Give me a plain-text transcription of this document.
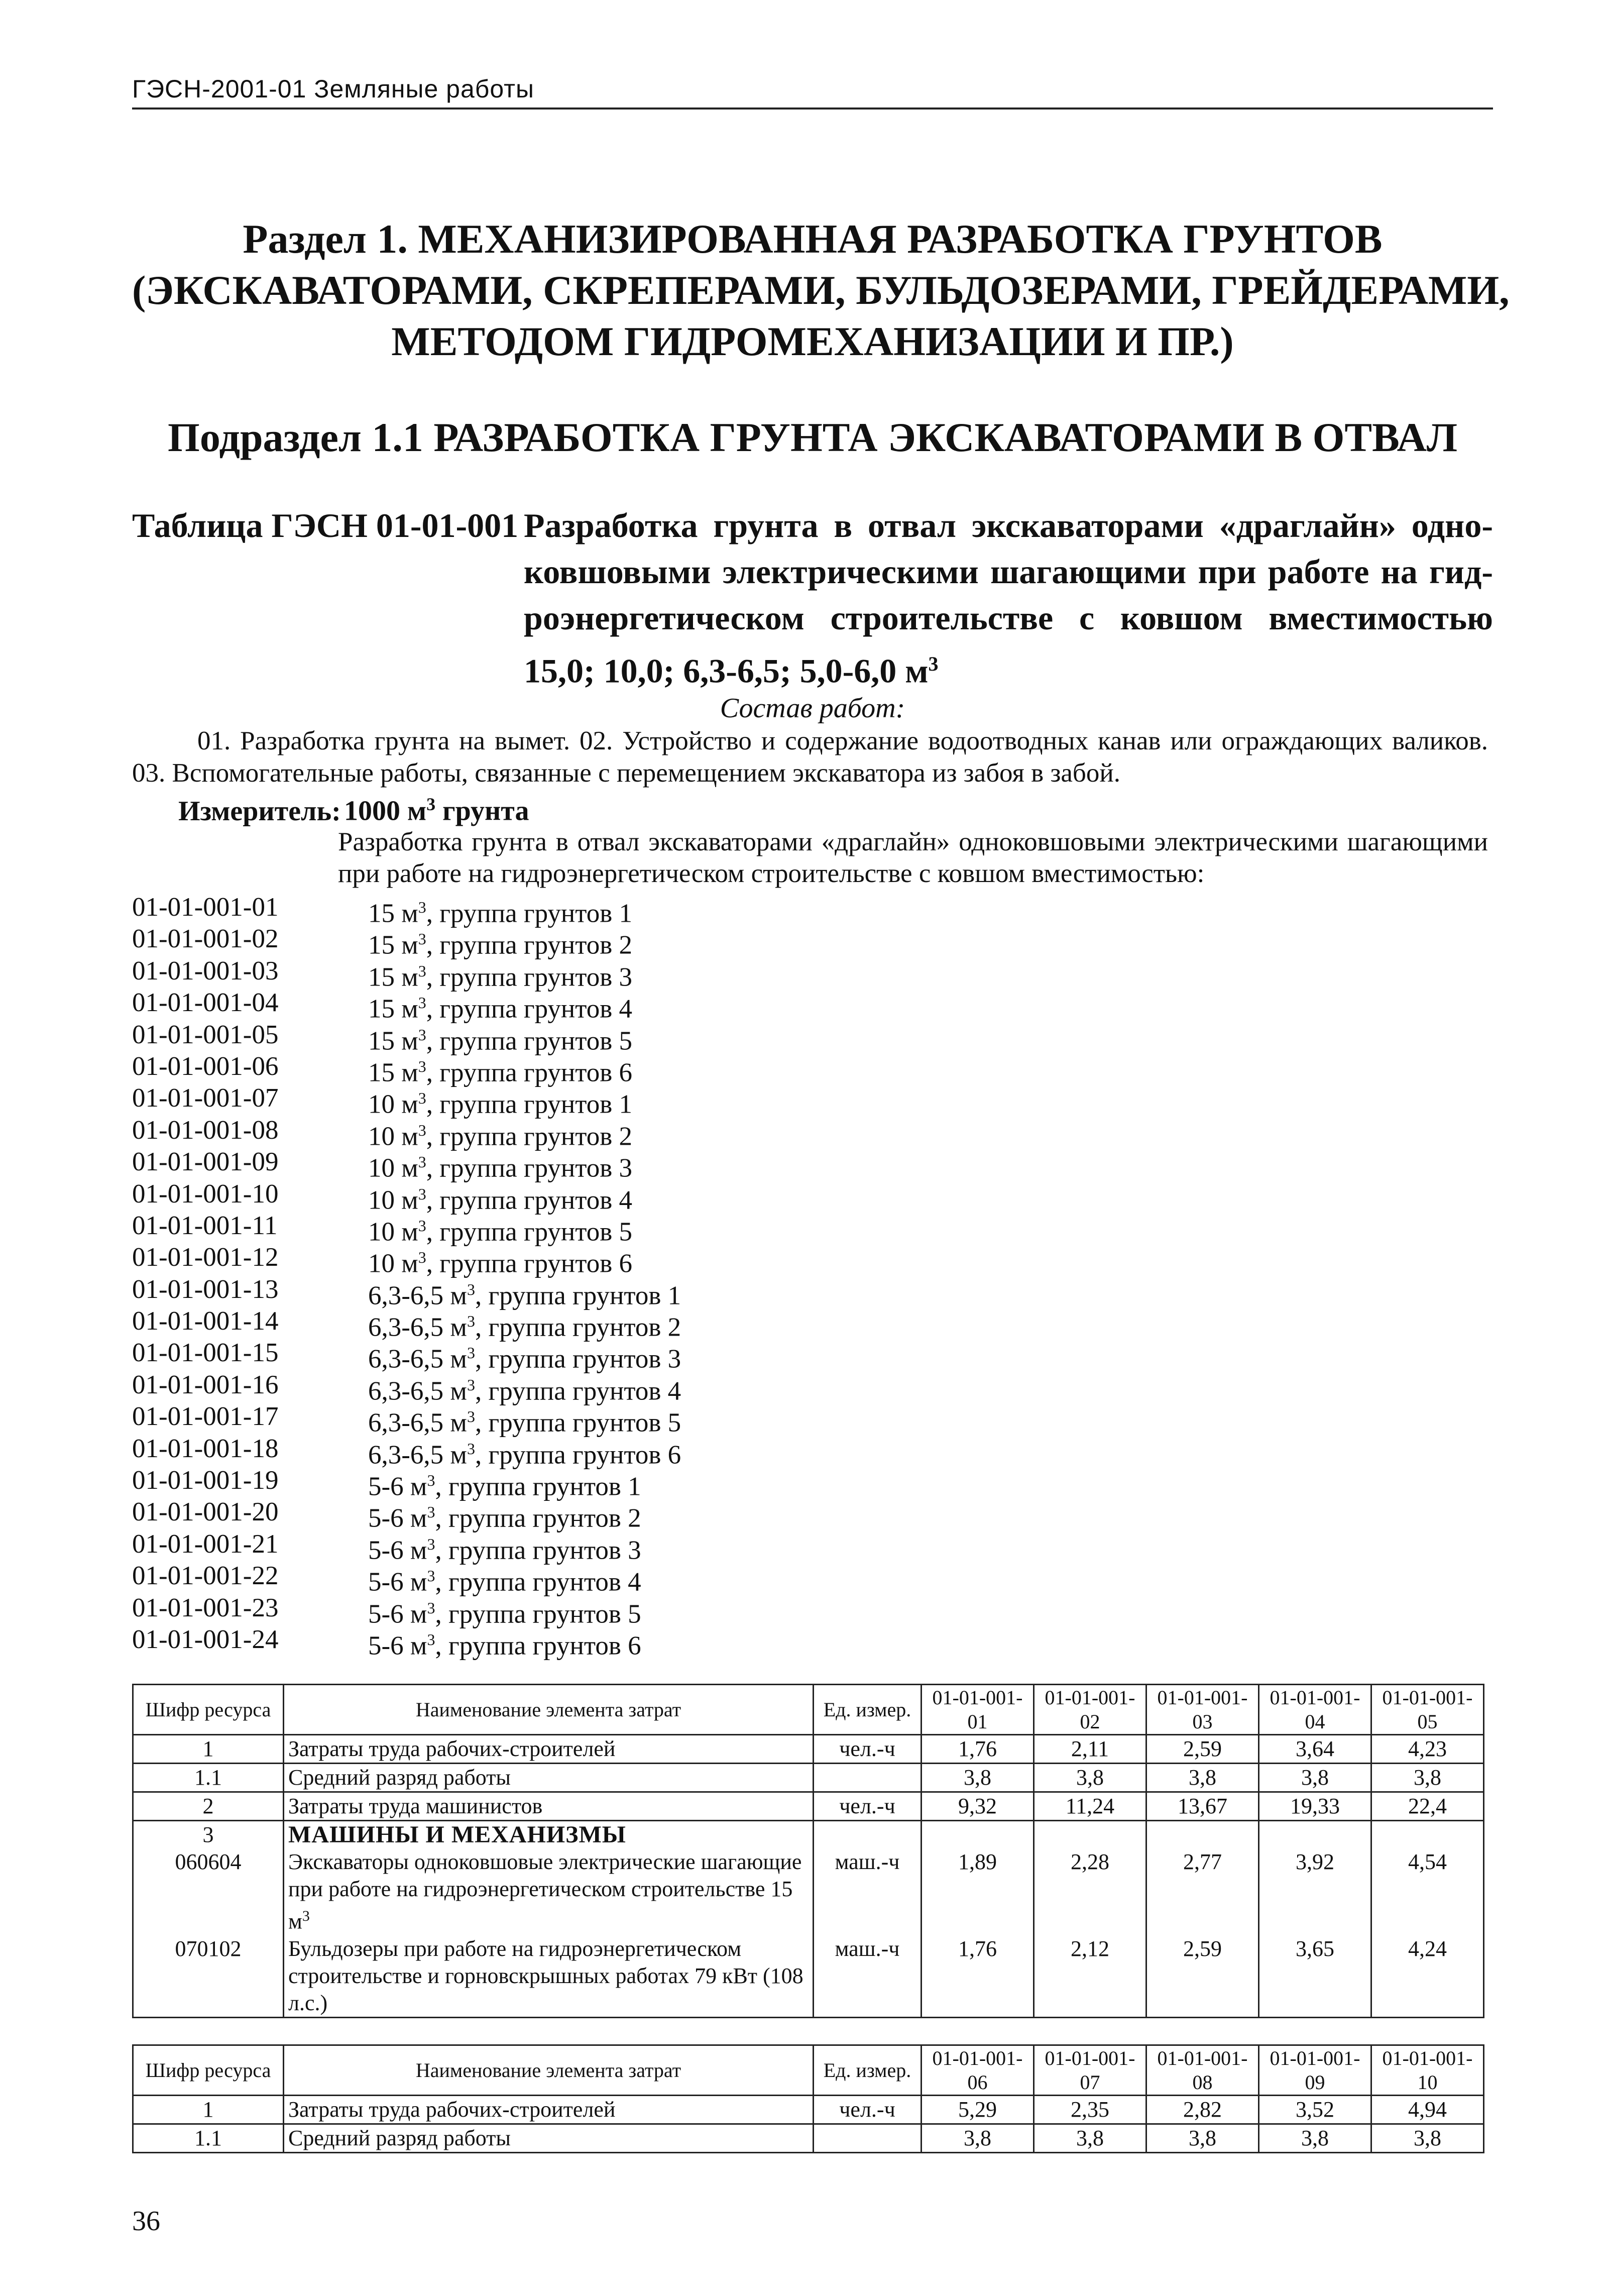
ГЭСН-2001-01 Земляные работы
Раздел 1. МЕХАНИЗИРОВАННАЯ РАЗРАБОТКА ГРУНТОВ
(ЭКСКАВАТОРАМИ, СКРЕПЕРАМИ, БУЛЬДОЗЕРАМИ, ГРЕЙДЕРАМИ,
МЕТОДОМ ГИДРОМЕХАНИЗАЦИИ И ПР.)
Подраздел 1.1 РАЗРАБОТКА ГРУНТА ЭКСКАВАТОРАМИ В ОТВАЛ
Таблица ГЭСН 01-01-001 Разработка грунта в отвал экскаваторами «драглайн» одно-ковшовыми электрическими шагающими при работе на гид-роэнергетическом строительстве с ковшом вместимостью 15,0; 10,0; 6,3-6,5; 5,0-6,0 $м^3$
Состав работ:
01. Разработка грунта на вымет. 02. Устройство и содержание водоотводных канав или ограждающих валиков. 03. Вспомогательные работы, связанные с перемещением экскаватора из забоя в забой.
Измеритель: 1000 $м^3$ грунта
Разработка грунта в отвал экскаваторами «драглайн» одноковшовыми электрическими шагающими при работе на гидроэнергетическом строительстве с ковшом вместимостью:
01-01-001-01	15 $м^3$, группа грунтов 1
01-01-001-02	15 $м^3$, группа грунтов 2
01-01-001-03	15 $м^3$, группа грунтов 3
01-01-001-04	15 $м^3$, группа грунтов 4
01-01-001-05	15 $м^3$, группа грунтов 5
01-01-001-06	15 $м^3$, группа грунтов 6
01-01-001-07	10 $м^3$, группа грунтов 1
01-01-001-08	10 $м^3$, группа грунтов 2
01-01-001-09	10 $м^3$, группа грунтов 3
01-01-001-10	10 $м^3$, группа грунтов 4
01-01-001-11	10 $м^3$, группа грунтов 5
01-01-001-12	10 $м^3$, группа грунтов 6
01-01-001-13	6,3-6,5 $м^3$, группа грунтов 1
01-01-001-14	6,3-6,5 $м^3$, группа грунтов 2
01-01-001-15	6,3-6,5 $м^3$, группа грунтов 3
01-01-001-16	6,3-6,5 $м^3$, группа грунтов 4
01-01-001-17	6,3-6,5 $м^3$, группа грунтов 5
01-01-001-18	6,3-6,5 $м^3$, группа грунтов 6
01-01-001-19	5-6 $м^3$, группа грунтов 1
01-01-001-20	5-6 $м^3$, группа грунтов 2
01-01-001-21	5-6 $м^3$, группа грунтов 3
01-01-001-22	5-6 $м^3$, группа грунтов 4
01-01-001-23	5-6 $м^3$, группа грунтов 5
01-01-001-24	5-6 $м^3$, группа грунтов 6
Шифр ресурса	Наименование элемента затрат	Ед. измер.	01-01-001-01	01-01-001-02	01-01-001-03	01-01-001-04	01-01-001-05
1	Затраты труда рабочих-строителей	чел.-ч	1,76	2,11	2,59	3,64	4,23
1.1	Средний разряд работы		3,8	3,8	3,8	3,8	3,8
2	Затраты труда машинистов	чел.-ч	9,32	11,24	13,67	19,33	22,4
3	МАШИНЫ И МЕХАНИЗМЫ						
060604	Экскаваторы одноковшовые электрические шагающие при работе на гидроэнергетическом строительстве 15 $м^3$	маш.-ч	1,89	2,28	2,77	3,92	4,54
070102	Бульдозеры при работе на гидроэнергетическом строительстве и горновскрышных работах 79 кВт (108 л.с.)	маш.-ч	1,76	2,12	2,59	3,65	4,24
Шифр ресурса	Наименование элемента затрат	Ед. измер.	01-01-001-06	01-01-001-07	01-01-001-08	01-01-001-09	01-01-001-10
1	Затраты труда рабочих-строителей	чел.-ч	5,29	2,35	2,82	3,52	4,94
1.1	Средний разряд работы		3,8	3,8	3,8	3,8	3,8
36
